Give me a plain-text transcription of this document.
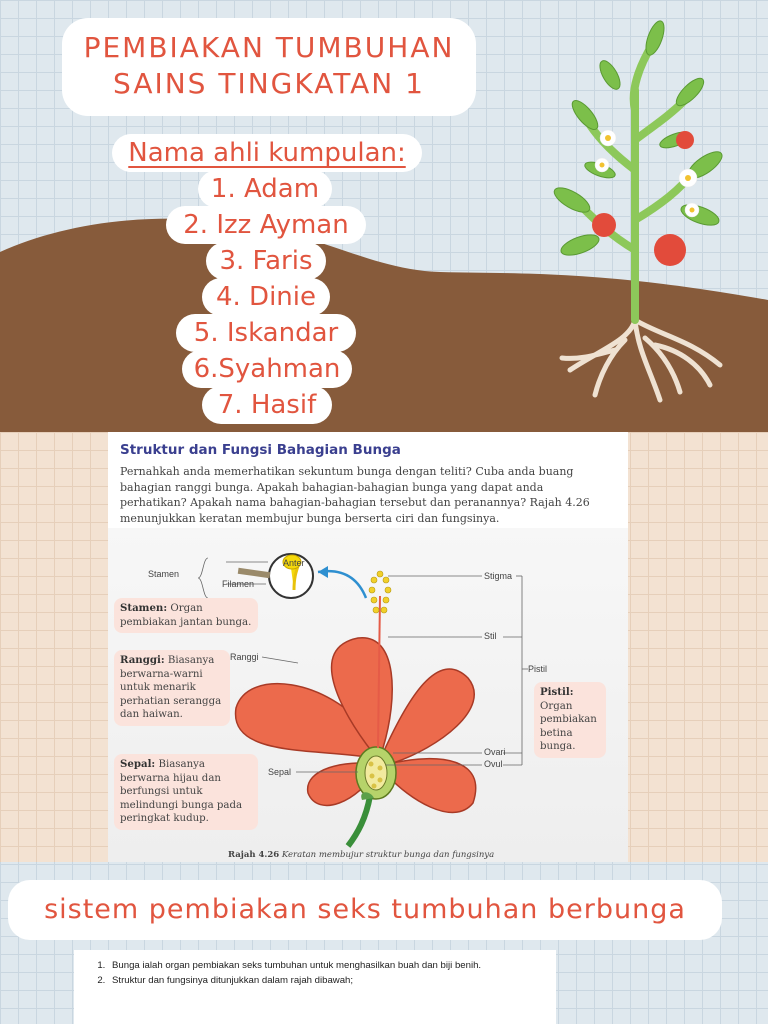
PEMBIAKAN TUMBUHAN
SAINS TINGKATAN 1
Nama ahli kumpulan:
1. Adam
2. Izz Ayman
3. Faris
4. Dinie
5. Iskandar
6.Syahman
7. Hasif
Struktur dan Fungsi Bahagian Bunga
Pernahkah anda memerhatikan sekuntum bunga dengan teliti? Cuba anda buang bahagian ranggi bunga. Apakah bahagian-bahagian bunga yang dapat anda perhatikan? Apakah nama bahagian-bahagian tersebut dan peranannya? Rajah 4.26 menunjukkan keratan membujur bunga berserta ciri dan fungsinya.
Anter
Stamen
Filamen
Stigma
Stil
Pistil
Ranggi
Ovari
Ovul
Sepal
Stamen: Organ pembiakan jantan bunga.
Ranggi: Biasanya berwarna-warni untuk menarik perhatian serangga dan haiwan.
Sepal: Biasanya berwarna hijau dan berfungsi untuk melindungi bunga pada peringkat kudup.
Pistil: Organ pembiakan betina bunga.
Rajah 4.26 Keratan membujur struktur bunga dan fungsinya
sistem pembiakan seks tumbuhan berbunga
1. Bunga ialah organ pembiakan seks tumbuhan untuk menghasilkan buah dan biji benih.
2. Struktur dan fungsinya ditunjukkan dalam rajah dibawah;
